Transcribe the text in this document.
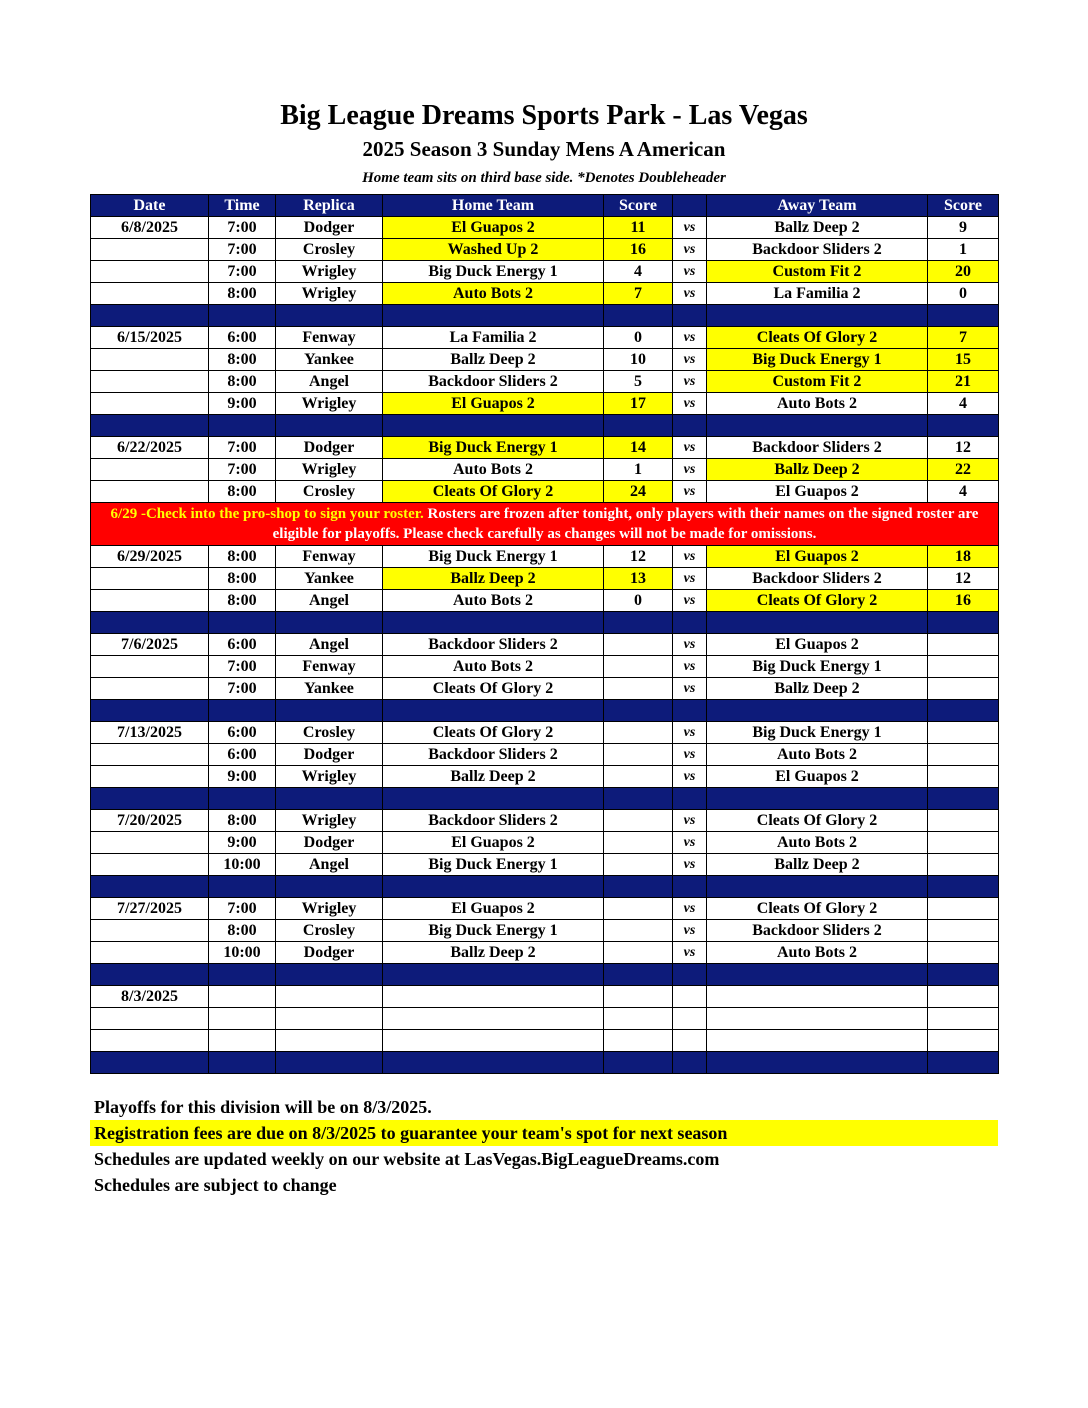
Big League Dreams Sports Park - Las Vegas
2025 Season 3 Sunday Mens A American
Home team sits on third base side. *Denotes Doubleheader
Date	Time	Replica	Home Team	Score		Away Team	Score
6/8/2025	7:00	Dodger	El Guapos 2	11	vs	Ballz Deep 2	9
	7:00	Crosley	Washed Up 2	16	vs	Backdoor Sliders 2	1
	7:00	Wrigley	Big Duck Energy 1	4	vs	Custom Fit 2	20
	8:00	Wrigley	Auto Bots 2	7	vs	La Familia 2	0

6/15/2025	6:00	Fenway	La Familia 2	0	vs	Cleats Of Glory 2	7
	8:00	Yankee	Ballz Deep 2	10	vs	Big Duck Energy 1	15
	8:00	Angel	Backdoor Sliders 2	5	vs	Custom Fit 2	21
	9:00	Wrigley	El Guapos 2	17	vs	Auto Bots 2	4

6/22/2025	7:00	Dodger	Big Duck Energy 1	14	vs	Backdoor Sliders 2	12
	7:00	Wrigley	Auto Bots 2	1	vs	Ballz Deep 2	22
	8:00	Crosley	Cleats Of Glory 2	24	vs	El Guapos 2	4
6/29 -Check into the pro-shop to sign your roster. Rosters are frozen after tonight, only players with their names on the signed roster are eligible for playoffs. Please check carefully as changes will not be made for omissions.							
6/29/2025	8:00	Fenway	Big Duck Energy 1	12	vs	El Guapos 2	18
	8:00	Yankee	Ballz Deep 2	13	vs	Backdoor Sliders 2	12
	8:00	Angel	Auto Bots 2	0	vs	Cleats Of Glory 2	16

7/6/2025	6:00	Angel	Backdoor Sliders 2		vs	El Guapos 2	
	7:00	Fenway	Auto Bots 2		vs	Big Duck Energy 1	
	7:00	Yankee	Cleats Of Glory 2		vs	Ballz Deep 2	

7/13/2025	6:00	Crosley	Cleats Of Glory 2		vs	Big Duck Energy 1	
	6:00	Dodger	Backdoor Sliders 2		vs	Auto Bots 2	
	9:00	Wrigley	Ballz Deep 2		vs	El Guapos 2	

7/20/2025	8:00	Wrigley	Backdoor Sliders 2		vs	Cleats Of Glory 2	
	9:00	Dodger	El Guapos 2		vs	Auto Bots 2	
	10:00	Angel	Big Duck Energy 1		vs	Ballz Deep 2	

7/27/2025	7:00	Wrigley	El Guapos 2		vs	Cleats Of Glory 2	
	8:00	Crosley	Big Duck Energy 1		vs	Backdoor Sliders 2	
	10:00	Dodger	Ballz Deep 2		vs	Auto Bots 2	

8/3/2025							

Playoffs for this division will be on 8/3/2025.
Registration fees are due on 8/3/2025 to guarantee your team's spot for next season
Schedules are updated weekly on our website at LasVegas.BigLeagueDreams.com
Schedules are subject to change
